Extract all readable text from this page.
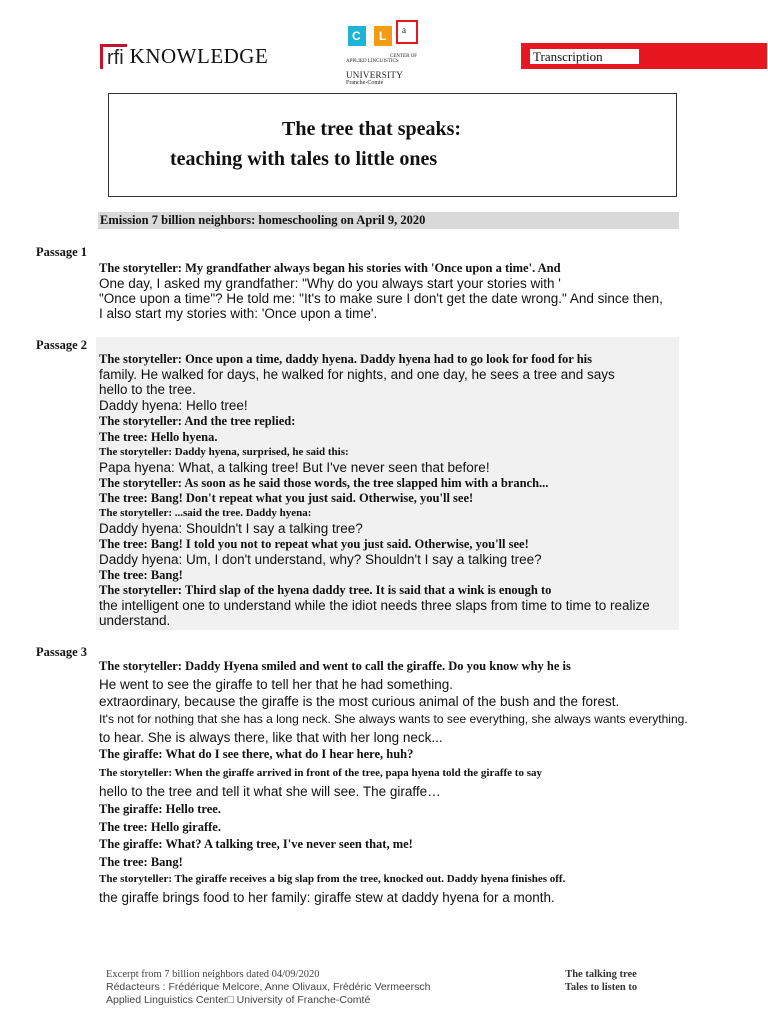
rfi KNOWLEDGE
C L a
CENTER OF
APPLIED LINGUISTICS
UNIVERSITY
Franche-Comté
Transcription
The tree that speaks:
teaching with tales to little ones
Emission 7 billion neighbors: homeschooling on April 9, 2020
Passage 1
The storyteller: My grandfather always began his stories with 'Once upon a time'. And
One day, I asked my grandfather: "Why do you always start your stories with '
"Once upon a time"? He told me: "It's to make sure I don't get the date wrong." And since then,
I also start my stories with: 'Once upon a time'.
Passage 2
The storyteller: Once upon a time, daddy hyena. Daddy hyena had to go look for food for his
family. He walked for days, he walked for nights, and one day, he sees a tree and says
hello to the tree.
Daddy hyena: Hello tree!
The storyteller: And the tree replied:
The tree: Hello hyena.
The storyteller: Daddy hyena, surprised, he said this:
Papa hyena: What, a talking tree! But I've never seen that before!
The storyteller: As soon as he said those words, the tree slapped him with a branch...
The tree: Bang! Don't repeat what you just said. Otherwise, you'll see!
The storyteller: ...said the tree. Daddy hyena:
Daddy hyena: Shouldn't I say a talking tree?
The tree: Bang! I told you not to repeat what you just said. Otherwise, you'll see!
Daddy hyena: Um, I don't understand, why? Shouldn't I say a talking tree?
The tree: Bang!
The storyteller: Third slap of the hyena daddy tree. It is said that a wink is enough to
the intelligent one to understand while the idiot needs three slaps from time to time to realize
understand.
Passage 3
The storyteller: Daddy Hyena smiled and went to call the giraffe. Do you know why he is
He went to see the giraffe to tell her that he had something.
extraordinary, because the giraffe is the most curious animal of the bush and the forest.
It's not for nothing that she has a long neck. She always wants to see everything, she always wants everything.
to hear. She is always there, like that with her long neck...
The giraffe: What do I see there, what do I hear here, huh?
The storyteller: When the giraffe arrived in front of the tree, papa hyena told the giraffe to say
hello to the tree and tell it what she will see. The giraffe…
The giraffe: Hello tree.
The tree: Hello giraffe.
The giraffe: What? A talking tree, I've never seen that, me!
The tree: Bang!
The storyteller: The giraffe receives a big slap from the tree, knocked out. Daddy hyena finishes off.
the giraffe brings food to her family: giraffe stew at daddy hyena for a month.
Excerpt from 7 billion neighbors dated 04/09/2020
Rédacteurs : Frédérique Melcore, Anne Olivaux, Frédéric Vermeersch
Applied Linguistics Center□ University of Franche-Comté
The talking tree
Tales to listen to
